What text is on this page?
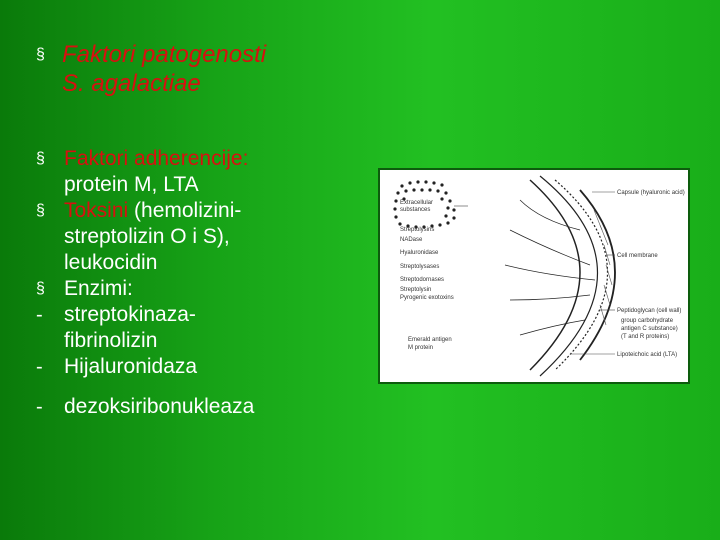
§ Faktori patogenosti
S. agalactiae
§ Faktori adherencije:
protein M, LTA
§ Toksini (hemolizini-
streptolizin O i S),
leukocidin
§ Enzimi:
-	streptokinaza-
fibrinolizin
-	Hijaluronidaza
-	dezoksiribonukleaza
Extracellular
substances
Streptolysins
NADase
Hyaluronidase
Streptolysases
Streptodornases
Streptolysin
Pyrogenic exotoxins
Emerald antigen
M protein
Capsule (hyaluronic acid)
Cell membrane
Peptidoglycan (cell wall)
group carbohydrate
antigen C substance)
(T and R proteins)
Lipoteichoic acid (LTA)
